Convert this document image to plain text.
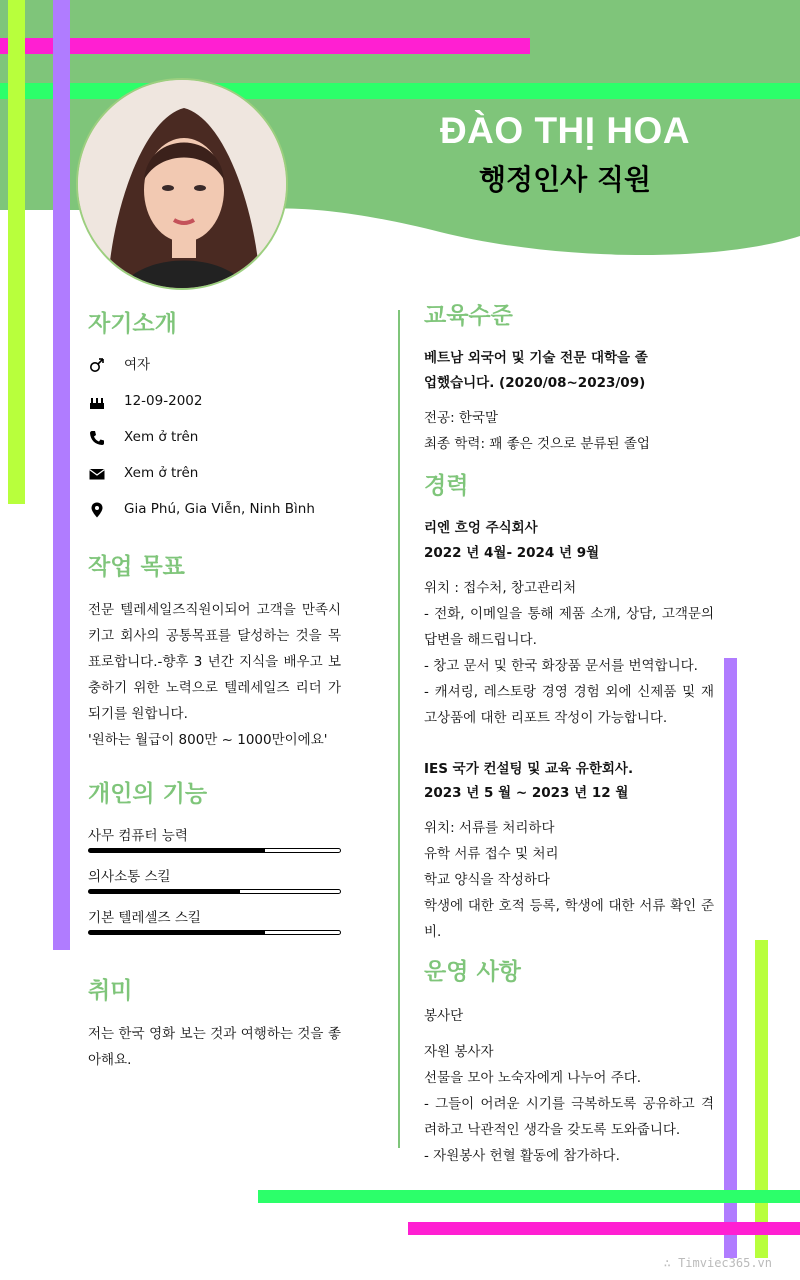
ĐÀO THỊ HOA
행정인사 직원
자기소개
여자
12-09-2002
Xem ở trên
Xem ở trên
Gia Phú, Gia Viễn, Ninh Bình
작업 목표
전문 텔레세일즈직원이되어 고객을 만족시키고 회사의 공통목표를 달성하는 것을 목표로합니다.-향후 3 년간 지식을 배우고 보충하기 위한 노력으로 텔레세일즈 리더 가 되기를 원합니다.
'원하는 월급이 800만 ~ 1000만이에요'
개인의 기능
사무 컴퓨터 능력
의사소통 스킬
기본 텔레셀즈 스킬
취미
저는 한국 영화 보는 것과 여행하는 것을 좋아해요.
교육수준
베트남 외국어 및 기술 전문 대학을 졸
업했습니다. (2020/08~2023/09)
전공: 한국말
최종 학력: 꽤 좋은 것으로 분류된 졸업
경력
리엔 흐엉 주식회사
2022 년 4월- 2024 년 9월
위치 : 접수처, 창고관리처
- 전화, 이메일을 통해 제품 소개, 상담, 고객문의 답변을 해드립니다.
- 창고 문서 및 한국 화장품 문서를 번역합니다.
- 캐셔링, 레스토랑 경영 경험 외에 신제품 및 재고상품에 대한 리포트 작성이 가능합니다.
IES 국가 컨설팅 및 교육 유한회사.
2023 년 5 월 ~ 2023 년 12 월
위치: 서류를 처리하다
유학 서류 접수 및 처리
학교 양식을 작성하다
학생에 대한 호적 등록, 학생에 대한 서류 확인 준비.
운영 사항
봉사단
자원 봉사자
선물을 모아 노숙자에게 나누어 주다.
- 그들이 어려운 시기를 극복하도록 공유하고 격려하고 낙관적인 생각을 갖도록 도와줍니다.
- 자원봉사 헌혈 활동에 참가하다.
∴ Timviec365.vn
